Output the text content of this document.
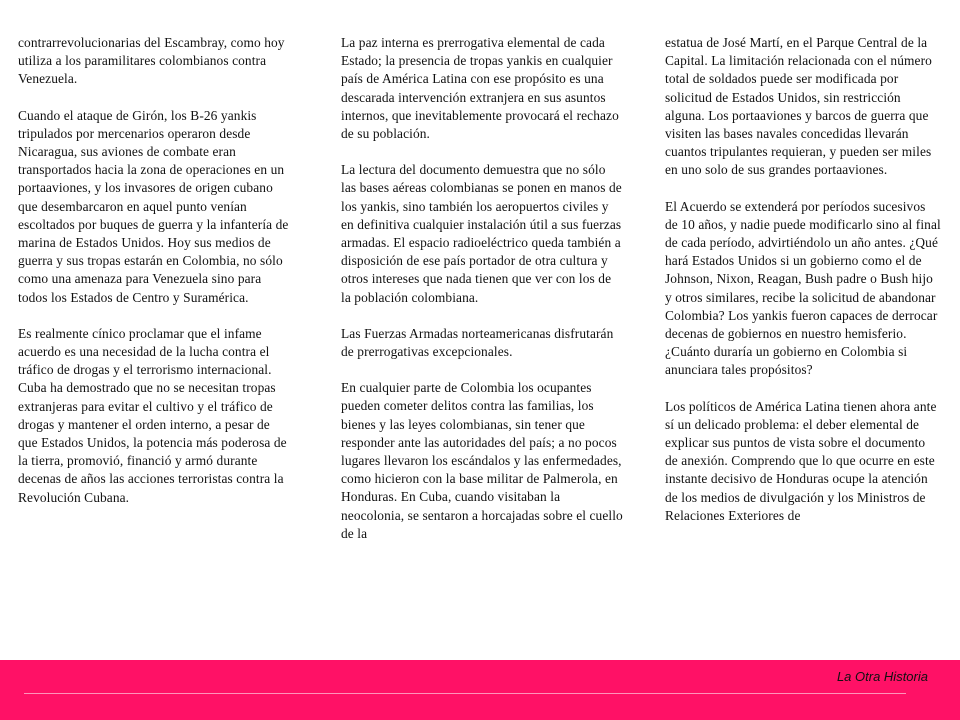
contrarrevolucionarias del Escambray, como hoy utiliza a los paramilitares colombianos contra Venezuela.

Cuando el ataque de Girón, los B-26 yankis tripulados por mercenarios operaron desde Nicaragua, sus aviones de combate eran transportados hacia la zona de operaciones en un portaaviones, y los invasores de origen cubano que desembarcaron en aquel punto venían escoltados por buques de guerra y la infantería de marina de Estados Unidos. Hoy sus medios de guerra y sus tropas estarán en Colombia, no sólo como una amenaza para Venezuela sino para todos los Estados de Centro y Suramérica.

Es realmente cínico proclamar que el infame acuerdo es una necesidad de la lucha contra el tráfico de drogas y el terrorismo internacional. Cuba ha demostrado que no se necesitan tropas extranjeras para evitar el cultivo y el tráfico de drogas y mantener el orden interno, a pesar de que Estados Unidos, la potencia más poderosa de la tierra, promovió, financió y armó durante decenas de años las acciones terroristas contra la Revolución Cubana.

La paz interna es prerrogativa elemental de cada Estado; la presencia de tropas yankis en cualquier país de América Latina con ese propósito es una descarada intervención extranjera en sus asuntos internos, que inevitablemente provocará el rechazo de su población.

La lectura del documento demuestra que no sólo las bases aéreas colombianas se ponen en manos de los yankis, sino también los aeropuertos civiles y en definitiva cualquier instalación útil a sus fuerzas armadas. El espacio radioeléctrico queda también a disposición de ese país portador de otra cultura y otros intereses que nada tienen que ver con los de la población colombiana.

Las Fuerzas Armadas norteamericanas disfrutarán de prerrogativas excepcionales.

En cualquier parte de Colombia los ocupantes pueden cometer delitos contra las familias, los bienes y las leyes colombianas, sin tener que responder ante las autoridades del país; a no pocos lugares llevaron los escándalos y las enfermedades, como hicieron con la base militar de Palmerola, en Honduras. En Cuba, cuando visitaban la neocolonia, se sentaron a horcajadas sobre el cuello de la

estatua de José Martí, en el Parque Central de la Capital. La limitación relacionada con el número total de soldados puede ser modificada por solicitud de Estados Unidos, sin restricción alguna. Los portaaviones y barcos de guerra que visiten las bases navales concedidas llevarán cuantos tripulantes requieran, y pueden ser miles en uno solo de sus grandes portaaviones.

El Acuerdo se extenderá por períodos sucesivos de 10 años, y nadie puede modificarlo sino al final de cada período, advirtiéndolo un año antes. ¿Qué hará Estados Unidos si un gobierno como el de Johnson, Nixon, Reagan, Bush padre o Bush hijo y otros similares, recibe la solicitud de abandonar Colombia? Los yankis fueron capaces de derrocar decenas de gobiernos en nuestro hemisferio. ¿Cuánto duraría un gobierno en Colombia si anunciara tales propósitos?

Los políticos de América Latina tienen ahora ante sí un delicado problema: el deber elemental de explicar sus puntos de vista sobre el documento de anexión. Comprendo que lo que ocurre en este instante decisivo de Honduras ocupe la atención de los medios de divulgación y los Ministros de Relaciones Exteriores de

La Otra Historia
